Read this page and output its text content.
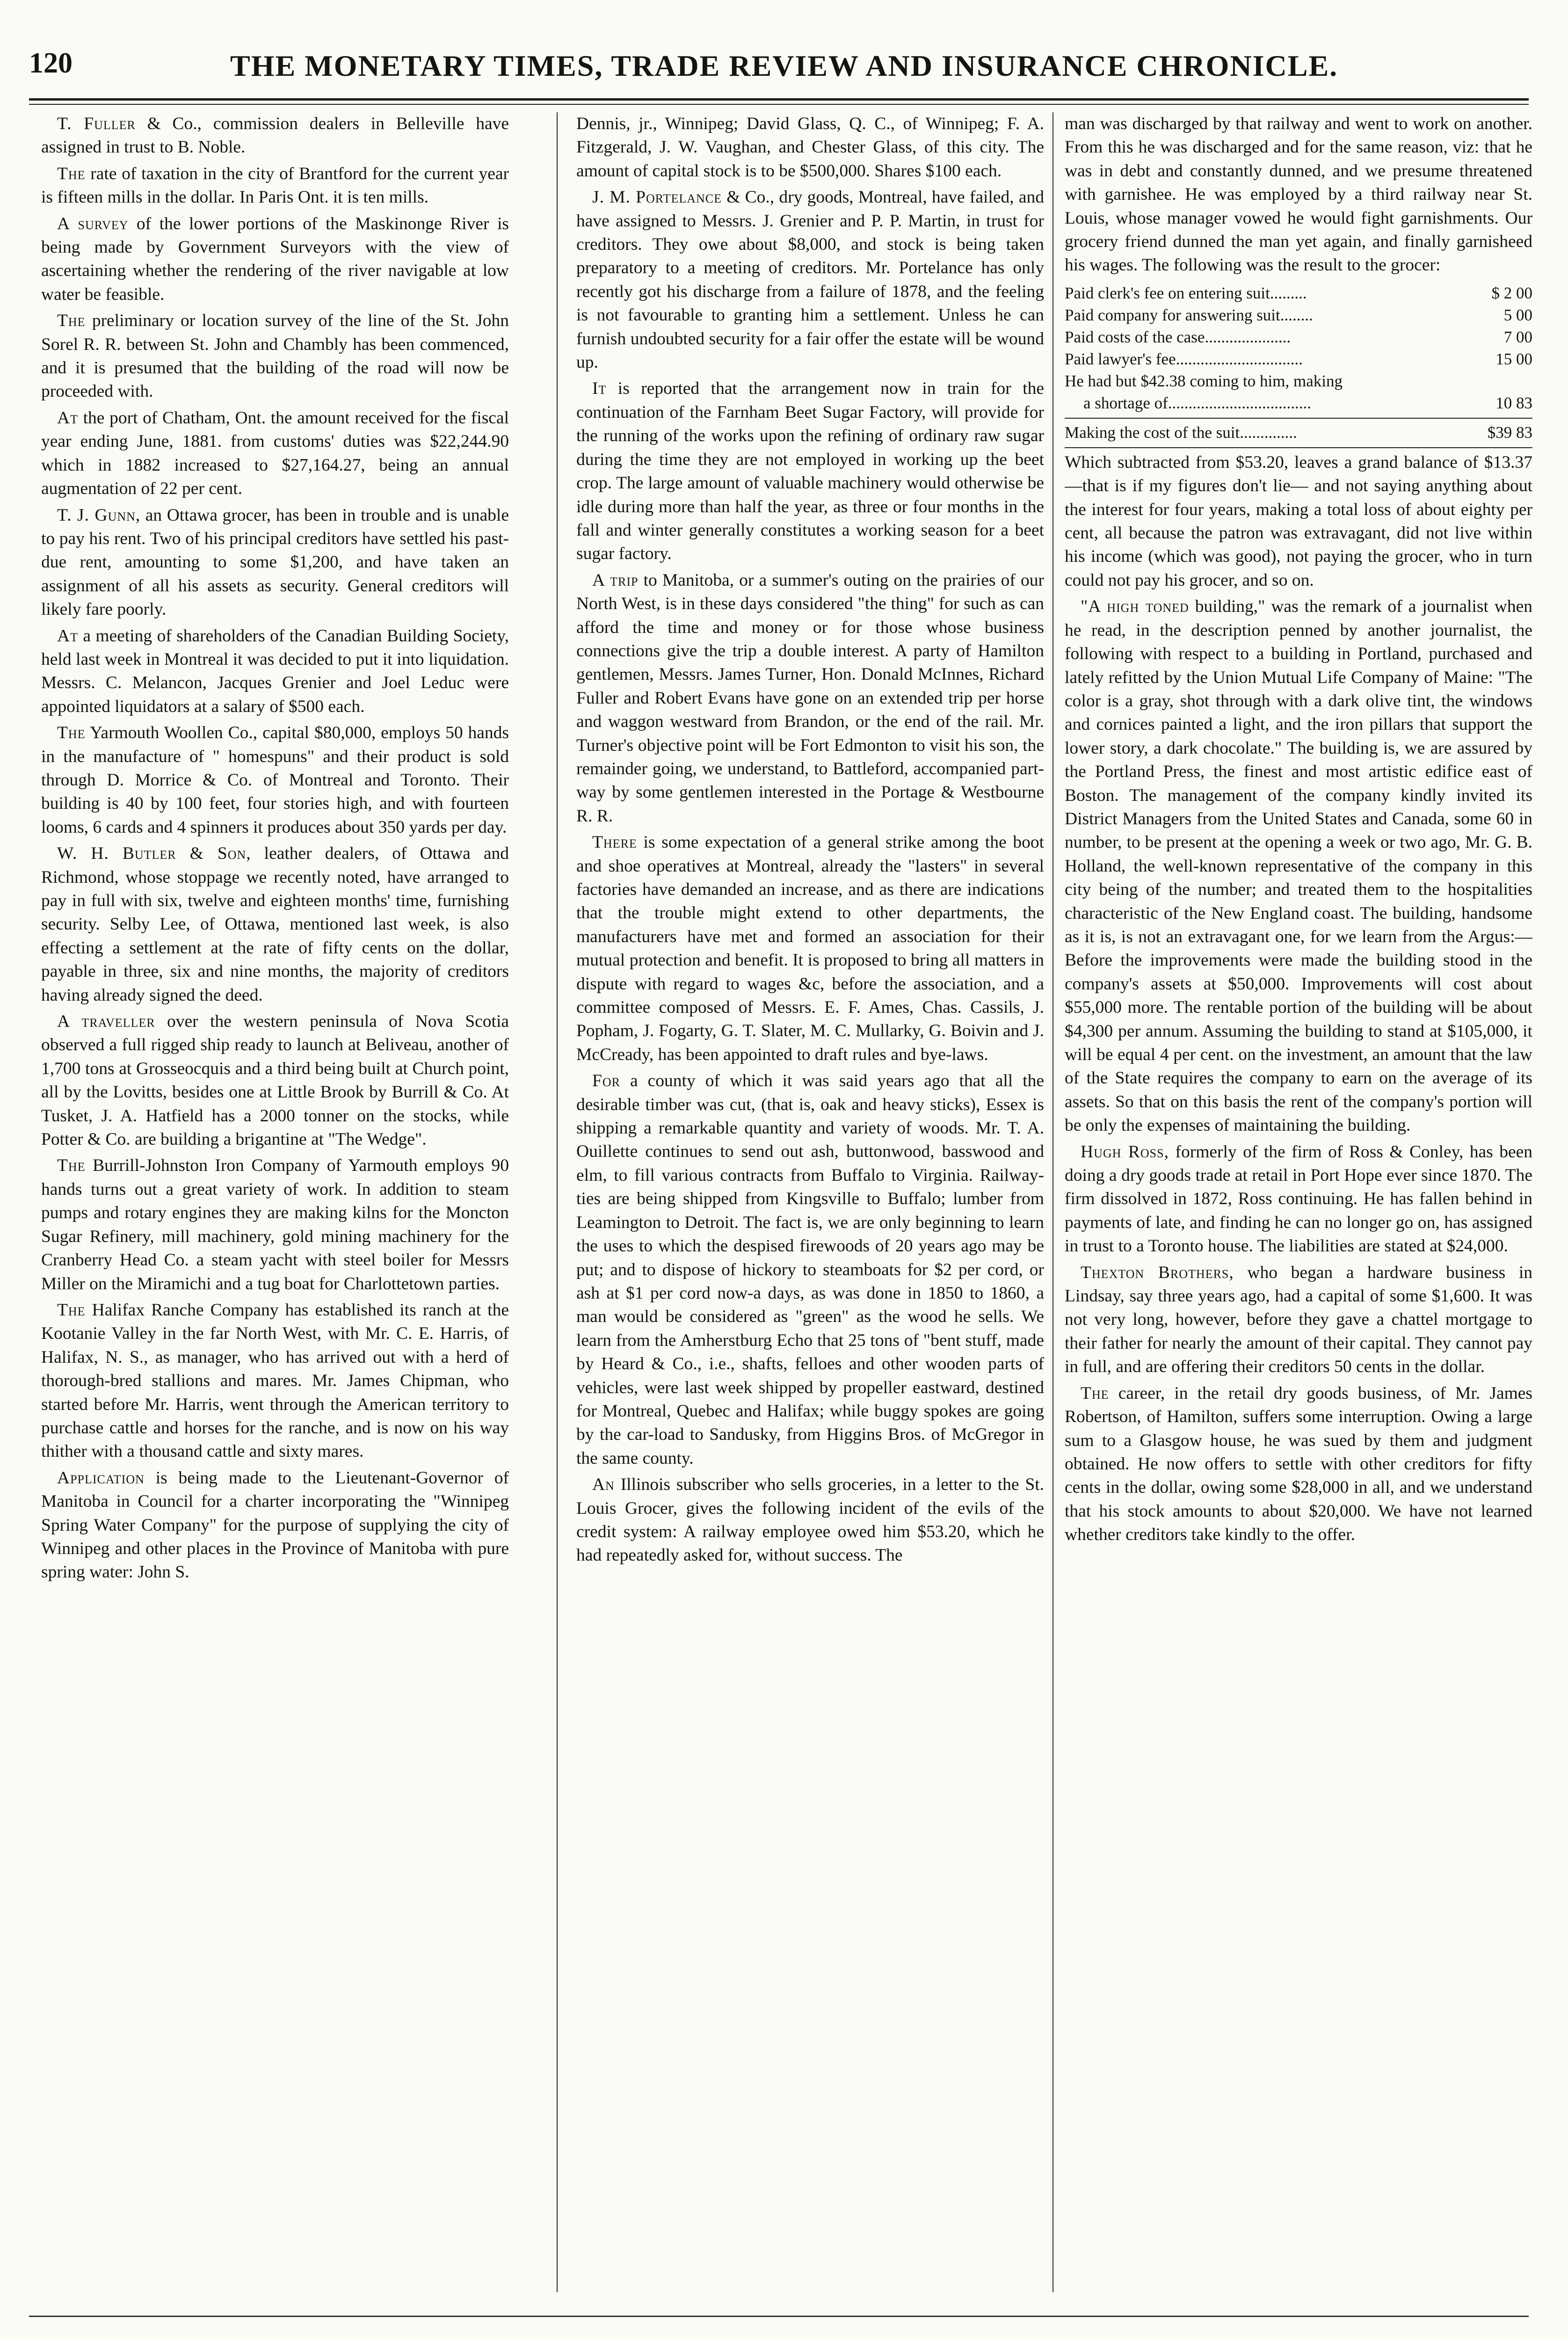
120	THE MONETARY TIMES, TRADE REVIEW AND INSURANCE CHRONICLE.

T. Fuller & Co., commission dealers in Belleville have assigned in trust to B. Noble.

The rate of taxation in the city of Brantford for the current year is fifteen mills in the dollar. In Paris Ont. it is ten mills.

A survey of the lower portions of the Maskinonge River is being made by Government Surveyors with the view of ascertaining whether the rendering of the river navigable at low water be feasible.

The preliminary or location survey of the line of the St. John Sorel R. R. between St. John and Chambly has been commenced, and it is presumed that the building of the road will now be proceeded with.

At the port of Chatham, Ont. the amount received for the fiscal year ending June, 1881. from customs' duties was $22,244.90 which in 1882 increased to $27,164.27, being an annual augmentation of 22 per cent.

T. J. Gunn, an Ottawa grocer, has been in trouble and is unable to pay his rent. Two of his principal creditors have settled his past-due rent, amounting to some $1,200, and have taken an assignment of all his assets as security. General creditors will likely fare poorly.

At a meeting of shareholders of the Canadian Building Society, held last week in Montreal it was decided to put it into liquidation. Messrs. C. Melancon, Jacques Grenier and Joel Leduc were appointed liquidators at a salary of $500 each.

The Yarmouth Woollen Co., capital $80,000, employs 50 hands in the manufacture of " homespuns" and their product is sold through D. Morrice & Co. of Montreal and Toronto. Their building is 40 by 100 feet, four stories high, and with fourteen looms, 6 cards and 4 spinners it produces about 350 yards per day.

W. H. Butler & Son, leather dealers, of Ottawa and Richmond, whose stoppage we recently noted, have arranged to pay in full with six, twelve and eighteen months' time, furnishing security. Selby Lee, of Ottawa, mentioned last week, is also effecting a settlement at the rate of fifty cents on the dollar, payable in three, six and nine months, the majority of creditors having already signed the deed.

A traveller over the western peninsula of Nova Scotia observed a full rigged ship ready to launch at Beliveau, another of 1,700 tons at Grosseocquis and a third being built at Church point, all by the Lovitts, besides one at Little Brook by Burrill & Co. At Tusket, J. A. Hatfield has a 2000 tonner on the stocks, while Potter & Co. are building a brigantine at "The Wedge".

The Burrill-Johnston Iron Company of Yarmouth employs 90 hands turns out a great variety of work. In addition to steam pumps and rotary engines they are making kilns for the Moncton Sugar Refinery, mill machinery, gold mining machinery for the Cranberry Head Co. a steam yacht with steel boiler for Messrs Miller on the Miramichi and a tug boat for Charlottetown parties.

The Halifax Ranche Company has established its ranch at the Kootanie Valley in the far North West, with Mr. C. E. Harris, of Halifax, N. S., as manager, who has arrived out with a herd of thorough-bred stallions and mares. Mr. James Chipman, who started before Mr. Harris, went through the American territory to purchase cattle and horses for the ranche, and is now on his way thither with a thousand cattle and sixty mares.

Application is being made to the Lieutenant-Governor of Manitoba in Council for a charter incorporating the "Winnipeg Spring Water Company" for the purpose of supplying the city of Winnipeg and other places in the Province of Manitoba with pure spring water: John S.

Dennis, jr., Winnipeg; David Glass, Q. C., of Winnipeg; F. A. Fitzgerald, J. W. Vaughan, and Chester Glass, of this city. The amount of capital stock is to be $500,000. Shares $100 each.

J. M. Portelance & Co., dry goods, Montreal, have failed, and have assigned to Messrs. J. Grenier and P. P. Martin, in trust for creditors. They owe about $8,000, and stock is being taken preparatory to a meeting of creditors. Mr. Portelance has only recently got his discharge from a failure of 1878, and the feeling is not favourable to granting him a settlement. Unless he can furnish undoubted security for a fair offer the estate will be wound up.

It is reported that the arrangement now in train for the continuation of the Farnham Beet Sugar Factory, will provide for the running of the works upon the refining of ordinary raw sugar during the time they are not employed in working up the beet crop. The large amount of valuable machinery would otherwise be idle during more than half the year, as three or four months in the fall and winter generally constitutes a working season for a beet sugar factory.

A trip to Manitoba, or a summer's outing on the prairies of our North West, is in these days considered "the thing" for such as can afford the time and money or for those whose business connections give the trip a double interest. A party of Hamilton gentlemen, Messrs. James Turner, Hon. Donald McInnes, Richard Fuller and Robert Evans have gone on an extended trip per horse and waggon westward from Brandon, or the end of the rail. Mr. Turner's objective point will be Fort Edmonton to visit his son, the remainder going, we understand, to Battleford, accompanied part-way by some gentlemen interested in the Portage & Westbourne R. R.

There is some expectation of a general strike among the boot and shoe operatives at Montreal, already the "lasters" in several factories have demanded an increase, and as there are indications that the trouble might extend to other departments, the manufacturers have met and formed an association for their mutual protection and benefit. It is proposed to bring all matters in dispute with regard to wages &c, before the association, and a committee composed of Messrs. E. F. Ames, Chas. Cassils, J. Popham, J. Fogarty, G. T. Slater, M. C. Mullarky, G. Boivin and J. McCready, has been appointed to draft rules and bye-laws.

For a county of which it was said years ago that all the desirable timber was cut, (that is, oak and heavy sticks), Essex is shipping a remarkable quantity and variety of woods. Mr. T. A. Ouillette continues to send out ash, buttonwood, basswood and elm, to fill various contracts from Buffalo to Virginia. Railway-ties are being shipped from Kingsville to Buffalo; lumber from Leamington to Detroit. The fact is, we are only beginning to learn the uses to which the despised firewoods of 20 years ago may be put; and to dispose of hickory to steamboats for $2 per cord, or ash at $1 per cord now-a days, as was done in 1850 to 1860, a man would be considered as "green" as the wood he sells. We learn from the Amherstburg Echo that 25 tons of "bent stuff, made by Heard & Co., i.e., shafts, felloes and other wooden parts of vehicles, were last week shipped by propeller eastward, destined for Montreal, Quebec and Halifax; while buggy spokes are going by the car-load to Sandusky, from Higgins Bros. of McGregor in the same county.

An Illinois subscriber who sells groceries, in a letter to the St. Louis Grocer, gives the following incident of the evils of the credit system: A railway employee owed him $53.20, which he had repeatedly asked for, without success. The

man was discharged by that railway and went to work on another. From this he was discharged and for the same reason, viz: that he was in debt and constantly dunned, and we presume threatened with garnishee. He was employed by a third railway near St. Louis, whose manager vowed he would fight garnishments. Our grocery friend dunned the man yet again, and finally garnisheed his wages. The following was the result to the grocer:

Paid clerk's fee on entering suit.........	$ 2 00
Paid company for answering suit........	5 00
Paid costs of the case.....................	7 00
Paid lawyer's fee...............................	15 00
He had but $42.38 coming to him, making
a shortage of...................................	10 83
Making the cost of the suit..............	$39 83

Which subtracted from $53.20, leaves a grand balance of $13.37—that is if my figures don't lie— and not saying anything about the interest for four years, making a total loss of about eighty per cent, all because the patron was extravagant, did not live within his income (which was good), not paying the grocer, who in turn could not pay his grocer, and so on.

"A high toned building," was the remark of a journalist when he read, in the description penned by another journalist, the following with respect to a building in Portland, purchased and lately refitted by the Union Mutual Life Company of Maine: "The color is a gray, shot through with a dark olive tint, the windows and cornices painted a light, and the iron pillars that support the lower story, a dark chocolate." The building is, we are assured by the Portland Press, the finest and most artistic edifice east of Boston. The management of the company kindly invited its District Managers from the United States and Canada, some 60 in number, to be present at the opening a week or two ago, Mr. G. B. Holland, the well-known representative of the company in this city being of the number; and treated them to the hospitalities characteristic of the New England coast. The building, handsome as it is, is not an extravagant one, for we learn from the Argus:—Before the improvements were made the building stood in the company's assets at $50,000. Improvements will cost about $55,000 more. The rentable portion of the building will be about $4,300 per annum. Assuming the building to stand at $105,000, it will be equal 4 per cent. on the investment, an amount that the law of the State requires the company to earn on the average of its assets. So that on this basis the rent of the company's portion will be only the expenses of maintaining the building.

Hugh Ross, formerly of the firm of Ross & Conley, has been doing a dry goods trade at retail in Port Hope ever since 1870. The firm dissolved in 1872, Ross continuing. He has fallen behind in payments of late, and finding he can no longer go on, has assigned in trust to a Toronto house. The liabilities are stated at $24,000.

Thexton Brothers, who began a hardware business in Lindsay, say three years ago, had a capital of some $1,600. It was not very long, however, before they gave a chattel mortgage to their father for nearly the amount of their capital. They cannot pay in full, and are offering their creditors 50 cents in the dollar.

The career, in the retail dry goods business, of Mr. James Robertson, of Hamilton, suffers some interruption. Owing a large sum to a Glasgow house, he was sued by them and judgment obtained. He now offers to settle with other creditors for fifty cents in the dollar, owing some $28,000 in all, and we understand that his stock amounts to about $20,000. We have not learned whether creditors take kindly to the offer.
